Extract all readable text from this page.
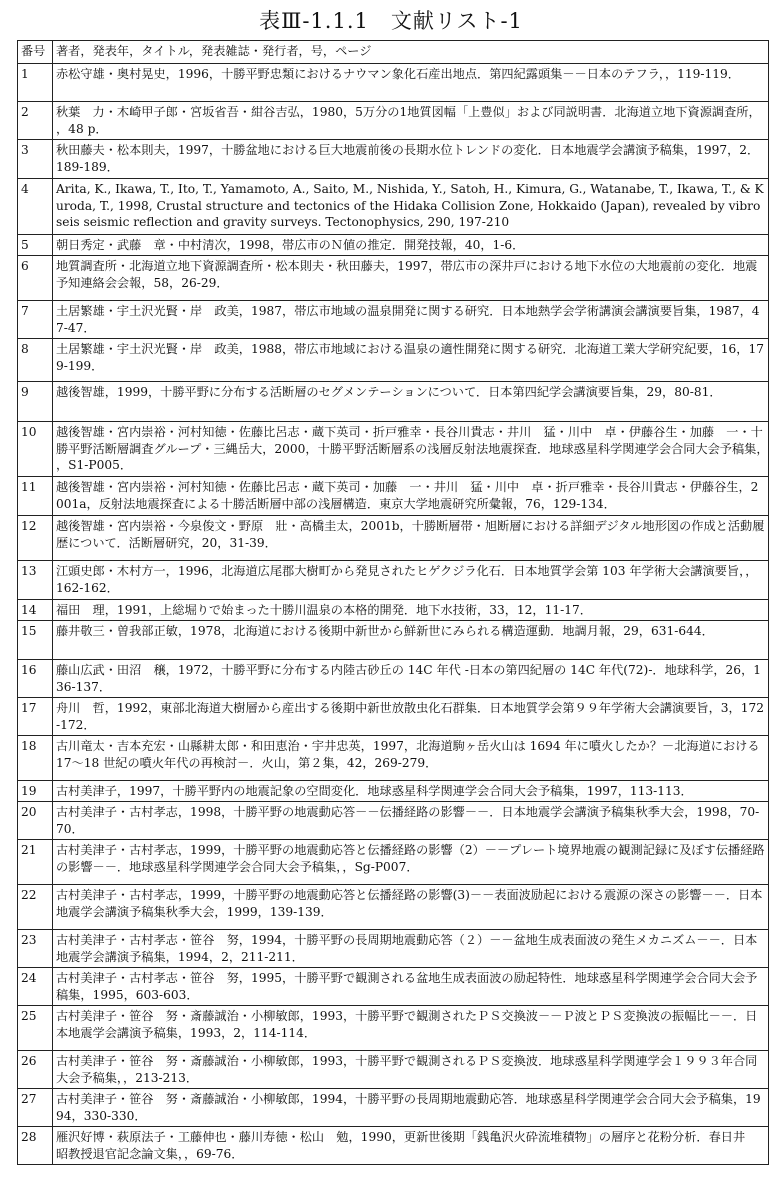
表Ⅲ-1.1.1　文献リスト-1
番号	著者，発表年，タイトル，発表雑誌・発行者，号，ページ
1	赤松守雄・奥村晃史，1996，十勝平野忠類におけるナウマン象化石産出地点．第四紀露頭集－－日本のテフラ，，119-119．
2	秋葉　力・木崎甲子郎・宮坂省吾・紺谷吉弘，1980，5万分の1地質図幅「上豊似」および同説明書．北海道立地下資源調査所，，48 p．
3	秋田藤夫・松本則夫，1997，十勝盆地における巨大地震前後の長期水位トレンドの変化．日本地震学会講演予稿集，1997，2．189-189．
4	Arita, K., Ikawa, T., Ito, T., Yamamoto, A., Saito, M., Nishida, Y., Satoh, H., Kimura, G., Watanabe, T., Ikawa, T., & Kuroda, T., 1998, Crustal structure and tectonics of the Hidaka Collision Zone, Hokkaido (Japan), revealed by vibroseis seismic reflection and gravity surveys. Tectonophysics, 290, 197-210
5	朝日秀定・武藤　章・中村清次，1998，帯広市のＮ値の推定．開発技報，40，1-6．
6	地質調査所・北海道立地下資源調査所・松本則夫・秋田藤夫，1997，帯広市の深井戸における地下水位の大地震前の変化．地震予知連絡会会報，58，26-29．
7	土居繁雄・宇土沢光賢・岸　政美，1987，帯広市地域の温泉開発に関する研究．日本地熱学会学術講演会講演要旨集，1987，47-47．
8	土居繁雄・宇土沢光賢・岸　政美，1988，帯広市地域における温泉の適性開発に関する研究．北海道工業大学研究紀要，16，179-199．
9	越後智雄，1999，十勝平野に分布する活断層のセグメンテーションについて．日本第四紀学会講演要旨集，29，80-81．
10	越後智雄・宮内崇裕・河村知徳・佐藤比呂志・蔵下英司・折戸雅幸・長谷川貴志・井川　猛・川中　卓・伊藤谷生・加藤　一・十勝平野活断層調査グループ・三縄岳大，2000，十勝平野活断層系の浅層反射法地震探査．地球惑星科学関連学会合同大会予稿集，，S1-P005．
11	越後智雄・宮内崇裕・河村知徳・佐藤比呂志・蔵下英司・加藤　一・井川　猛・川中　卓・折戸雅幸・長谷川貴志・伊藤谷生，2001a，反射法地震探査による十勝活断層中部の浅層構造．東京大学地震研究所彙報，76，129-134．
12	越後智雄・宮内崇裕・今泉俊文・野原　壯・高橋圭太，2001b，十勝断層帯・旭断層における詳細デジタル地形図の作成と活動履歴について．活断層研究，20，31-39．
13	江頭史郎・木村方一，1996，北海道広尾郡大樹町から発見されたヒゲクジラ化石．日本地質学会第 103 年学術大会講演要旨，，162-162．
14	福田　理，1991，上総堀りで始まった十勝川温泉の本格的開発．地下水技術，33，12，11-17．
15	藤井敬三・曽我部正敏，1978，北海道における後期中新世から鮮新世にみられる構造運動．地調月報，29，631-644．
16	藤山広武・田沼　穣，1972，十勝平野に分布する内陸古砂丘の 14C 年代 -日本の第四紀層の 14C 年代(72)-．地球科学，26，136-137．
17	舟川　哲，1992，東部北海道大樹層から産出する後期中新世放散虫化石群集．日本地質学会第９９年学術大会講演要旨，3，172-172．
18	古川竜太・吉本充宏・山縣耕太郎・和田恵治・宇井忠英，1997，北海道駒ヶ岳火山は 1694 年に噴火したか？－北海道における 17～18 世紀の噴火年代の再検討－．火山，第２集，42，269-279．
19	古村美津子，1997，十勝平野内の地震記象の空間変化．地球惑星科学関連学会合同大会予稿集，1997，113-113．
20	古村美津子・古村孝志，1998，十勝平野の地震動応答－－伝播経路の影響－－．日本地震学会講演予稿集秋季大会，1998，70-70．
21	古村美津子・古村孝志，1999，十勝平野の地震動応答と伝播経路の影響（2）－－プレート境界地震の観測記録に及ぼす伝播経路の影響－－．地球惑星科学関連学会合同大会予稿集，，Sg-P007．
22	古村美津子・古村孝志，1999，十勝平野の地震動応答と伝播経路の影響(3)－－表面波励起における震源の深さの影響－－．日本地震学会講演予稿集秋季大会，1999，139-139．
23	古村美津子・古村孝志・笹谷　努，1994，十勝平野の長周期地震動応答（２）－－盆地生成表面波の発生メカニズム－－．日本地震学会講演予稿集，1994，2，211-211．
24	古村美津子・古村孝志・笹谷　努，1995，十勝平野で観測される盆地生成表面波の励起特性．地球惑星科学関連学会合同大会予稿集，1995，603-603．
25	古村美津子・笹谷　努・斎藤誠治・小柳敏郎，1993，十勝平野で観測されたＰＳ交換波－－Ｐ波とＰＳ変換波の振幅比－－．日本地震学会講演予稿集，1993，2，114-114．
26	古村美津子・笹谷　努・斎藤誠治・小柳敏郎，1993，十勝平野で観測されるＰＳ変換波．地球惑星科学関連学会１９９３年合同大会予稿集，，213-213．
27	古村美津子・笹谷　努・斎藤誠治・小柳敏郎，1994，十勝平野の長周期地震動応答．地球惑星科学関連学会合同大会予稿集，1994，330-330．
28	雁沢好博・萩原法子・工藤伸也・藤川寿徳・松山　勉，1990，更新世後期「銭亀沢火砕流堆積物」の層序と花粉分析．春日井　昭教授退官記念論文集，，69-76．
